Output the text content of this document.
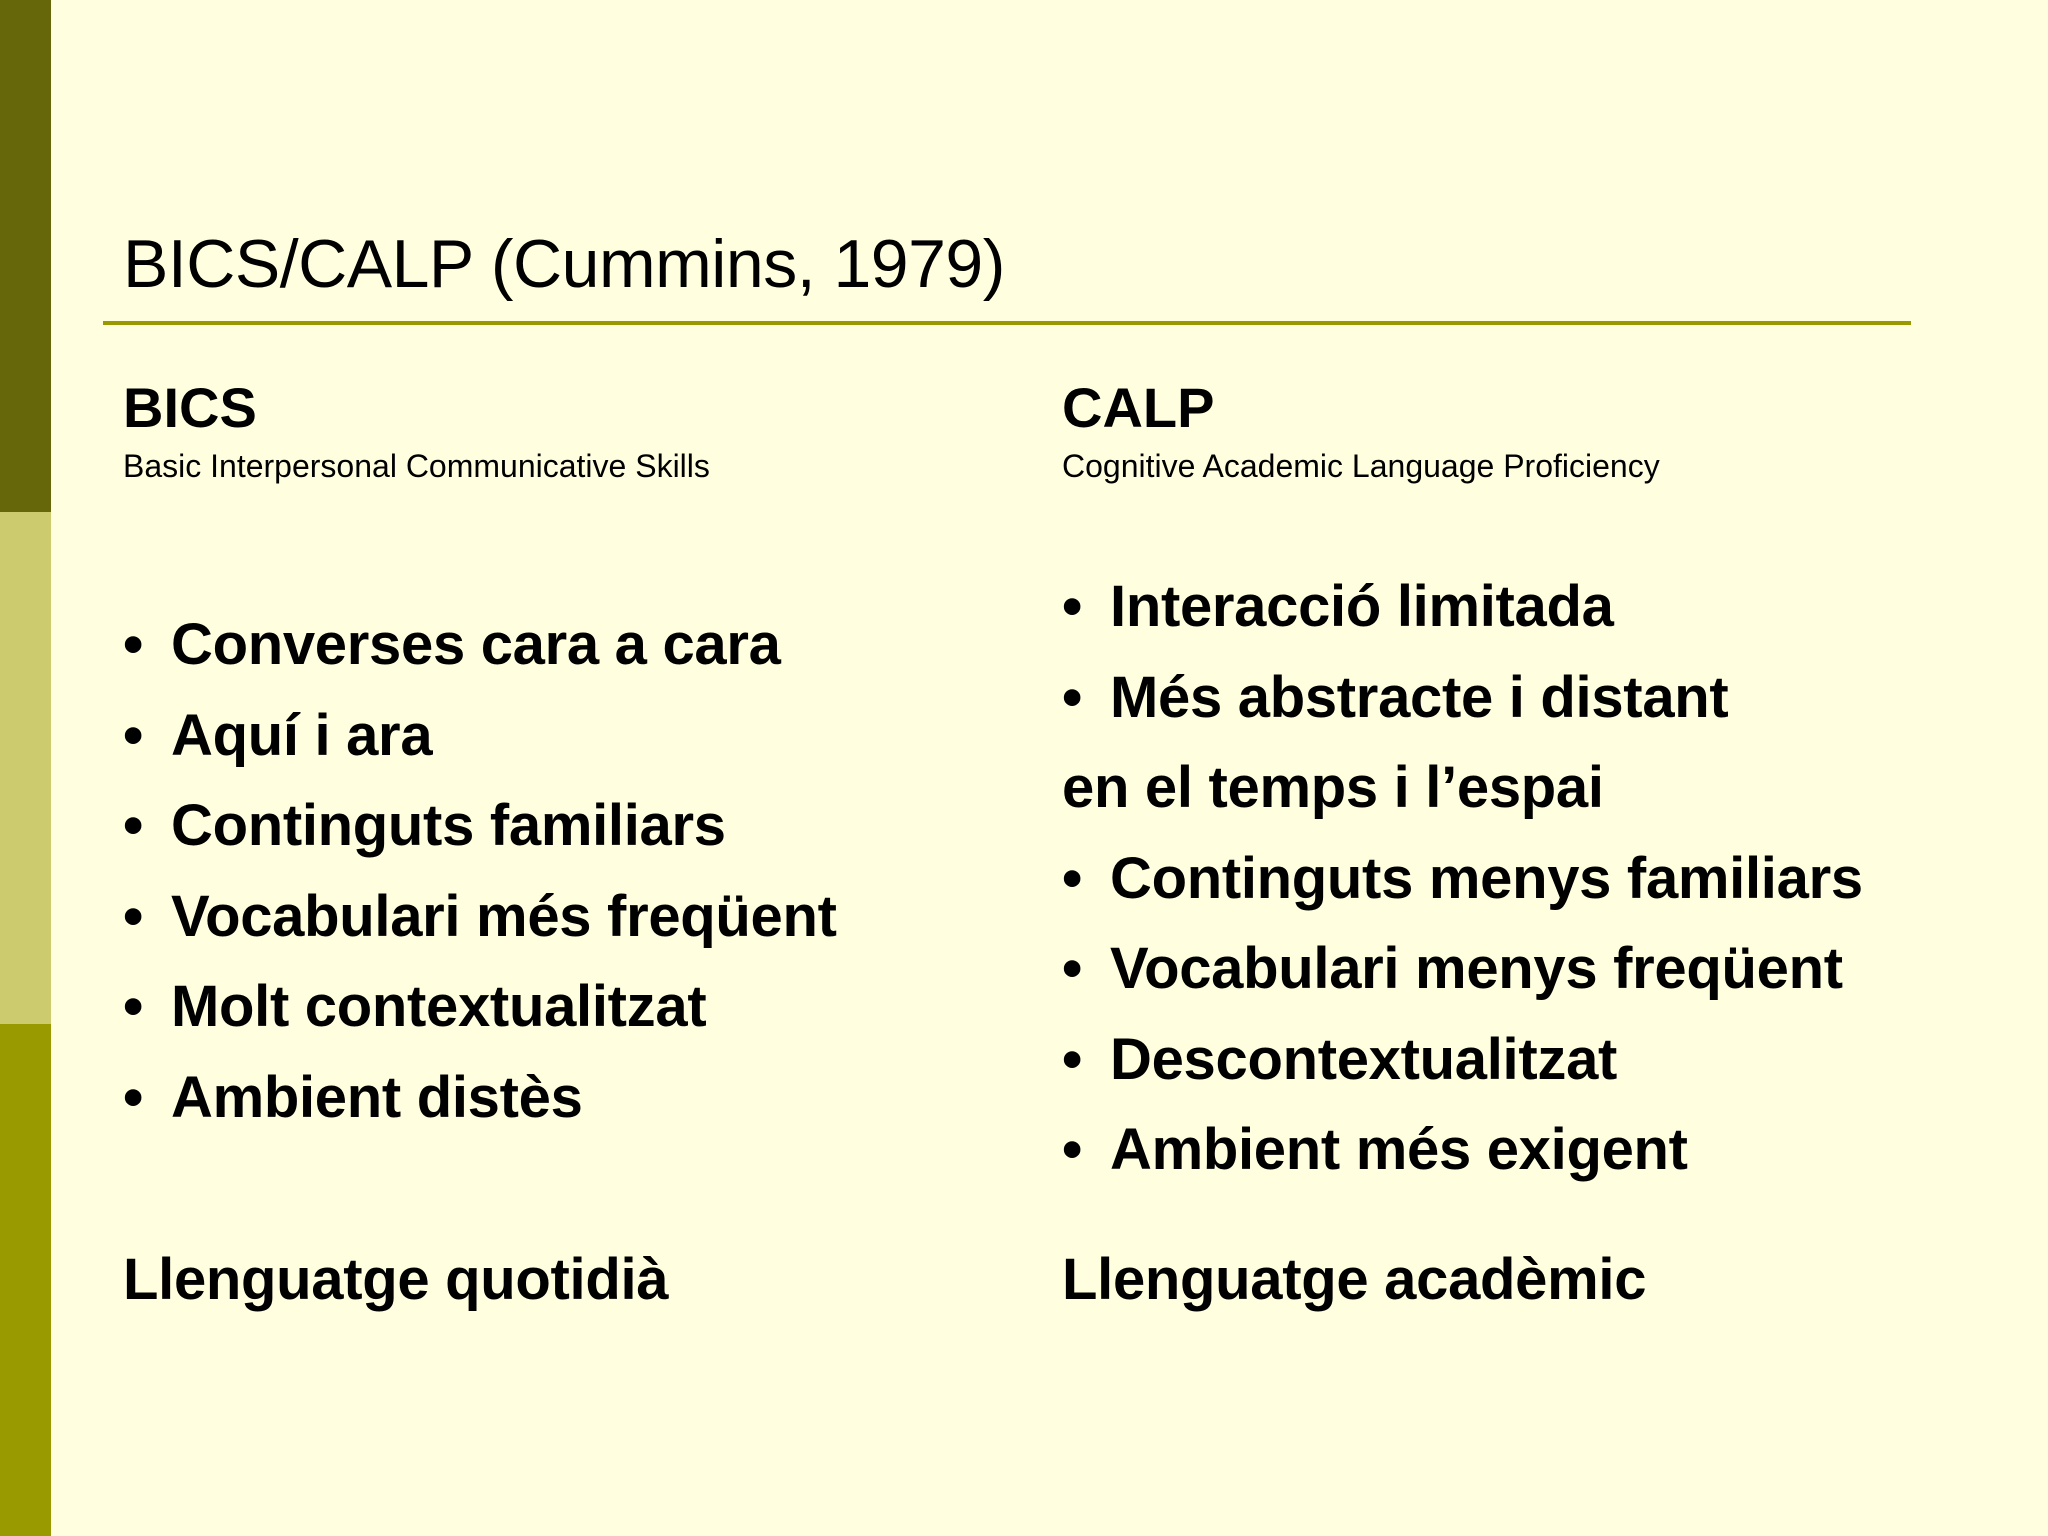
BICS/CALP (Cummins, 1979)

BICS

Basic Interpersonal Communicative Skills

• Converses cara a cara
• Aquí i ara
• Continguts familiars
• Vocabulari més freqüent
• Molt contextualitzat
• Ambient distès

Llenguatge quotidià

CALP

Cognitive Academic Language Proficiency

• Interacció limitada
• Més abstracte i distant
en el temps i l’espai
• Continguts menys familiars
• Vocabulari menys freqüent
• Descontextualitzat
• Ambient més exigent

Llenguatge acadèmic
